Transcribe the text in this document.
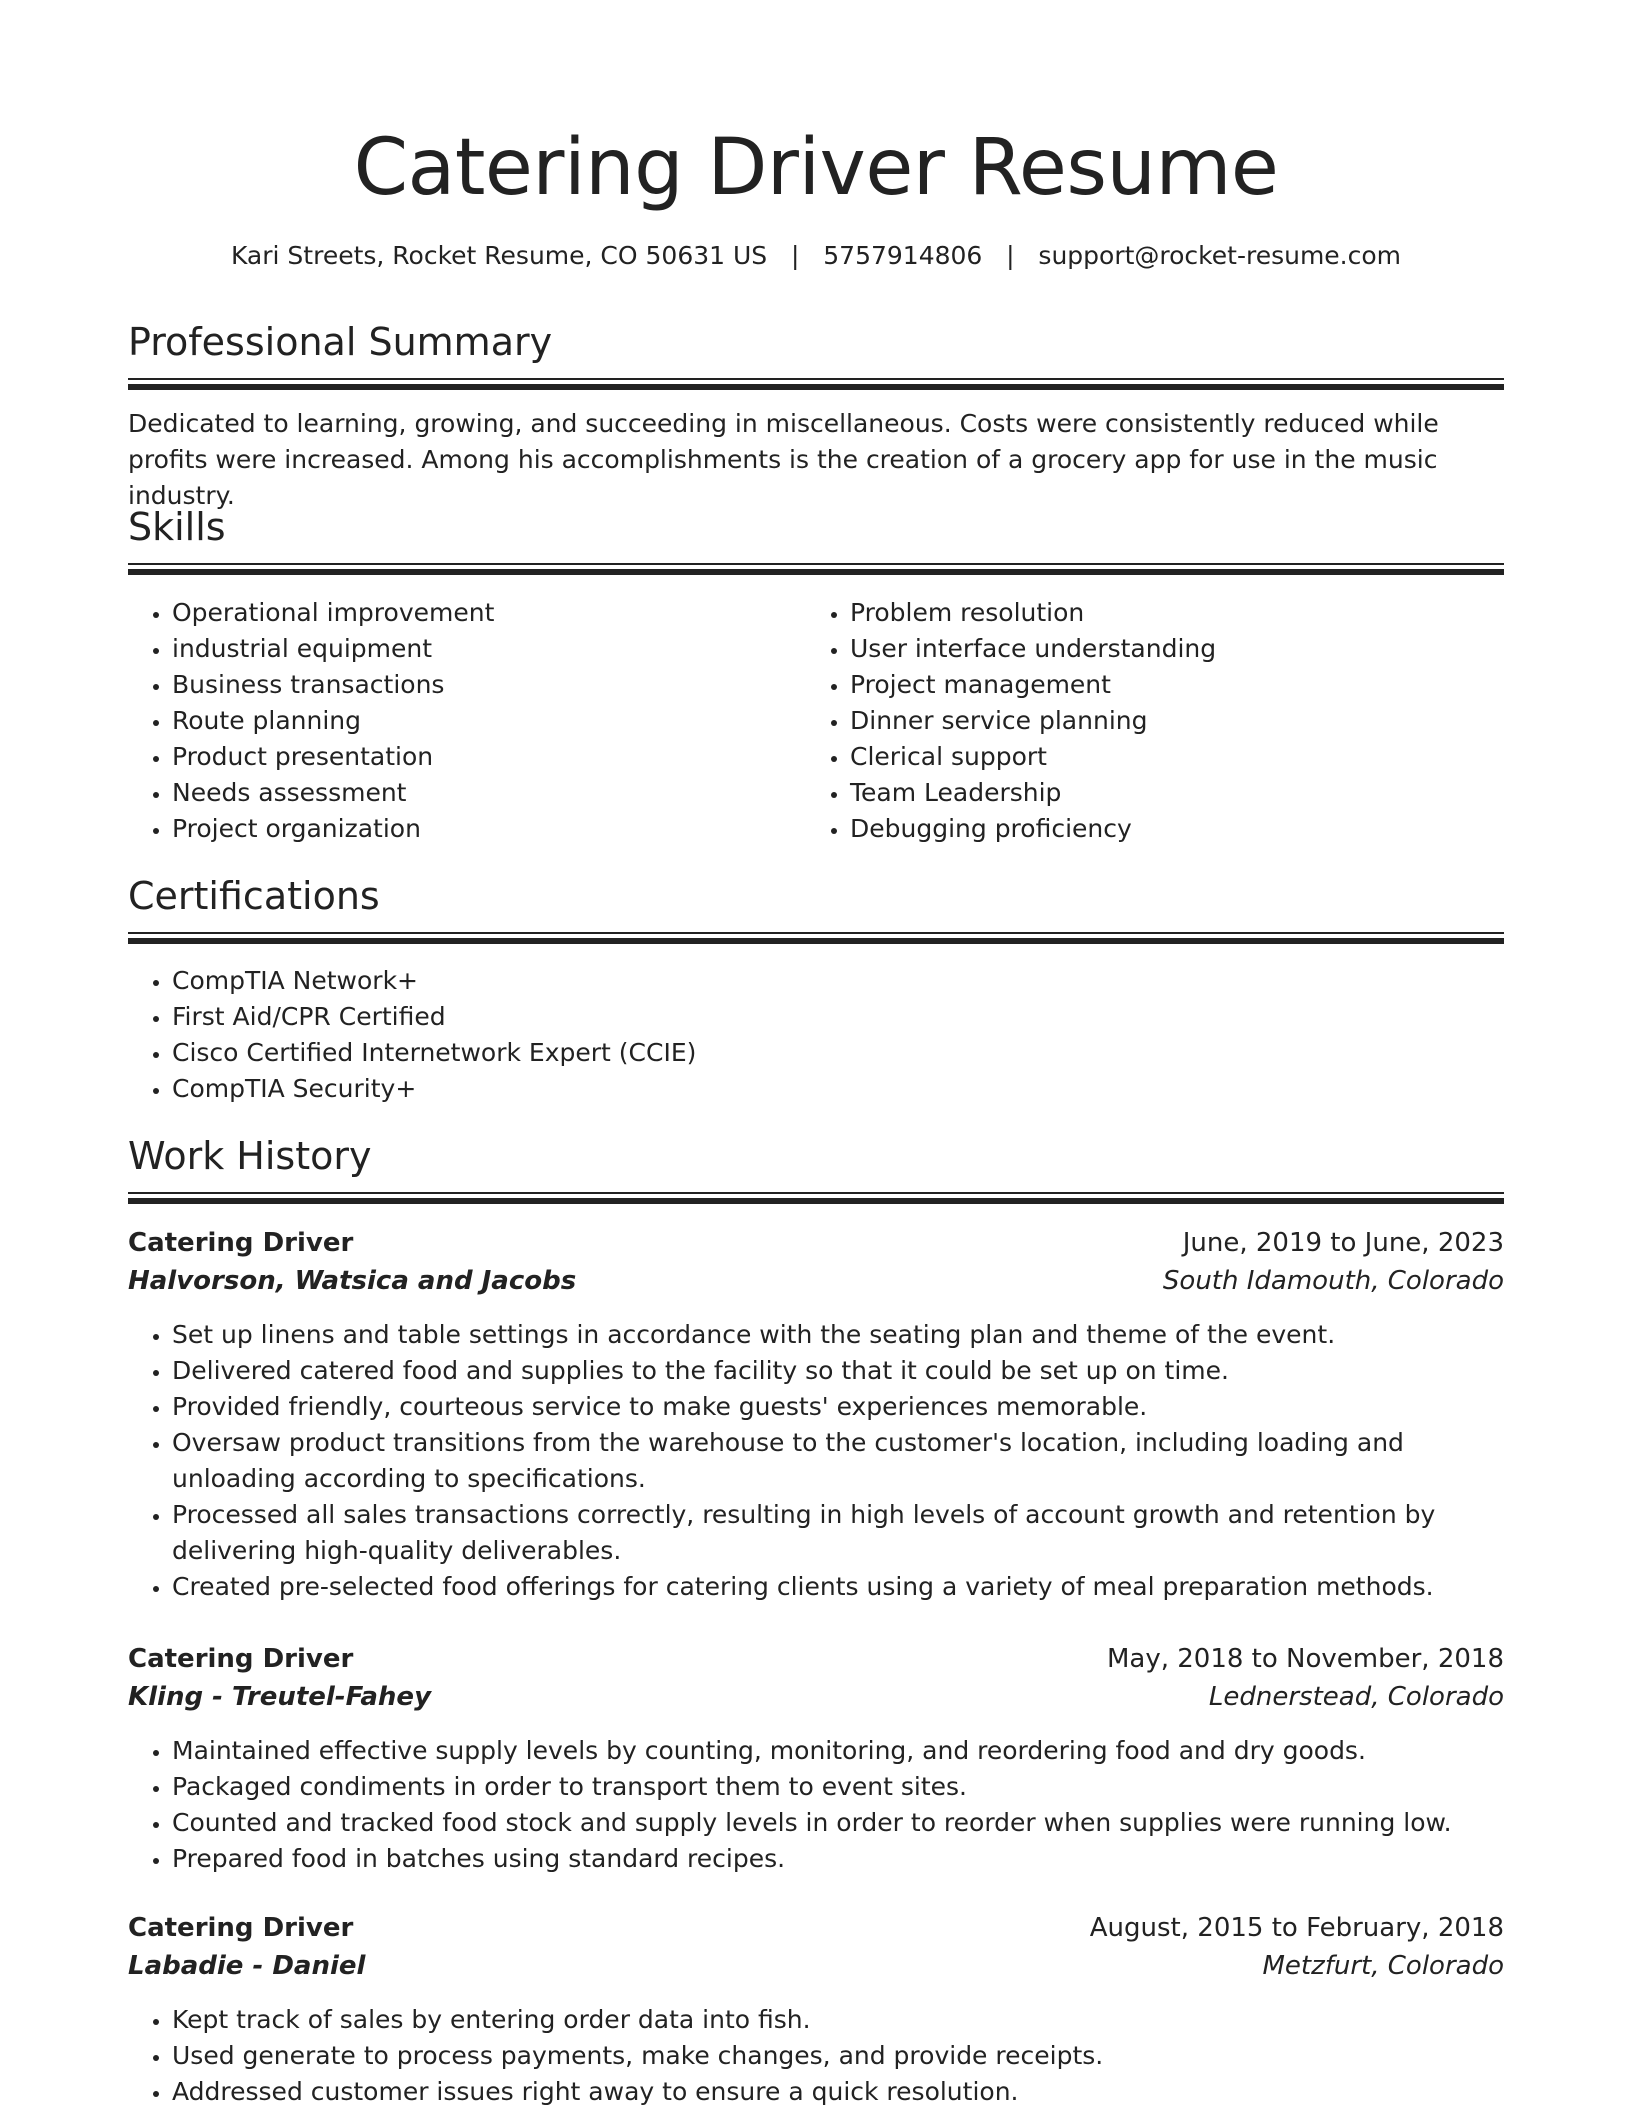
Catering Driver Resume
Kari Streets, Rocket Resume, CO 50631 US   |   5757914806   |   support@rocket-resume.com
Professional Summary

Dedicated to learning, growing, and succeeding in miscellaneous. Costs were consistently reduced while profits were increased. Among his accomplishments is the creation of a grocery app for use in the music industry.

Skills
• Operational improvement
• industrial equipment
• Business transactions
• Route planning
• Product presentation
• Needs assessment
• Project organization
• Problem resolution
• User interface understanding
• Project management
• Dinner service planning
• Clerical support
• Team Leadership
• Debugging proficiency
Certifications
• CompTIA Network+
• First Aid/CPR Certified
• Cisco Certified Internetwork Expert (CCIE)
• CompTIA Security+
Work History
Catering Driver	June, 2019 to June, 2023
Halvorson, Watsica and Jacobs	South Idamouth, Colorado
• Set up linens and table settings in accordance with the seating plan and theme of the event.
• Delivered catered food and supplies to the facility so that it could be set up on time.
• Provided friendly, courteous service to make guests' experiences memorable.
• Oversaw product transitions from the warehouse to the customer's location, including loading and unloading according to specifications.
• Processed all sales transactions correctly, resulting in high levels of account growth and retention by delivering high-quality deliverables.
• Created pre-selected food offerings for catering clients using a variety of meal preparation methods.
Catering Driver	May, 2018 to November, 2018
Kling - Treutel-Fahey	Lednerstead, Colorado
• Maintained effective supply levels by counting, monitoring, and reordering food and dry goods.
• Packaged condiments in order to transport them to event sites.
• Counted and tracked food stock and supply levels in order to reorder when supplies were running low.
• Prepared food in batches using standard recipes.
Catering Driver	August, 2015 to February, 2018
Labadie - Daniel	Metzfurt, Colorado
• Kept track of sales by entering order data into fish.
• Used generate to process payments, make changes, and provide receipts.
• Addressed customer issues right away to ensure a quick resolution.
